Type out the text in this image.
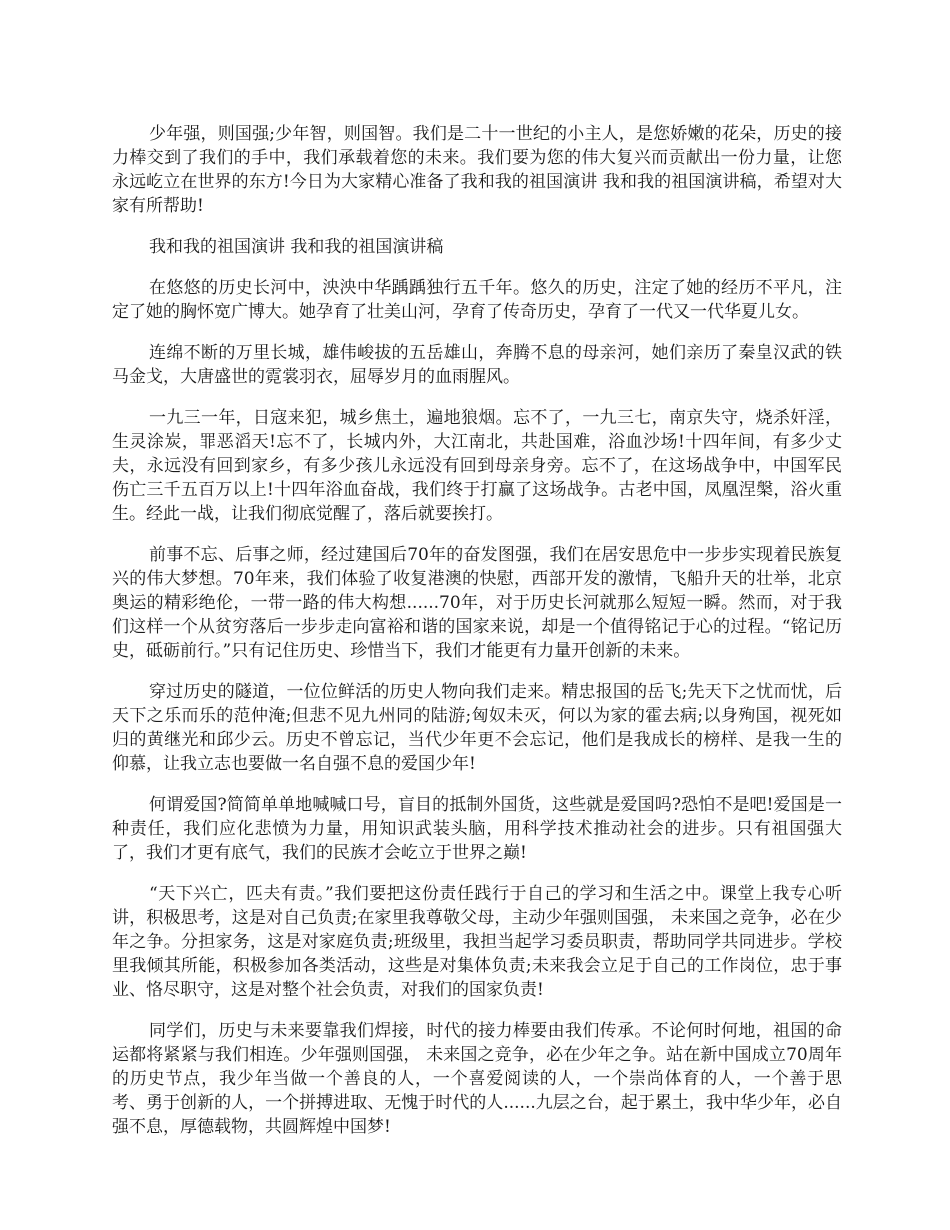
少年强，则国强;少年智，则国智。我们是二十一世纪的小主人，是您娇嫩的花朵，历史的接力棒交到了我们的手中，我们承载着您的未来。我们要为您的伟大复兴而贡献出一份力量，让您永远屹立在世界的东方!今日为大家精心准备了我和我的祖国演讲 我和我的祖国演讲稿，希望对大家有所帮助!

我和我的祖国演讲 我和我的祖国演讲稿

在悠悠的历史长河中，泱泱中华踽踽独行五千年。悠久的历史，注定了她的经历不平凡，注定了她的胸怀宽广博大。她孕育了壮美山河，孕育了传奇历史，孕育了一代又一代华夏儿女。

连绵不断的万里长城，雄伟峻拔的五岳雄山，奔腾不息的母亲河，她们亲历了秦皇汉武的铁马金戈，大唐盛世的霓裳羽衣，屈辱岁月的血雨腥风。

一九三一年，日寇来犯，城乡焦土，遍地狼烟。忘不了，一九三七，南京失守，烧杀奸淫，生灵涂炭，罪恶滔天!忘不了，长城内外，大江南北，共赴国难，浴血沙场!十四年间，有多少丈夫，永远没有回到家乡，有多少孩儿永远没有回到母亲身旁。忘不了，在这场战争中，中国军民伤亡三千五百万以上!十四年浴血奋战，我们终于打赢了这场战争。古老中国，凤凰涅槃，浴火重生。经此一战，让我们彻底觉醒了，落后就要挨打。

前事不忘、后事之师，经过建国后70年的奋发图强，我们在居安思危中一步步实现着民族复兴的伟大梦想。70年来，我们体验了收复港澳的快慰，西部开发的激情，飞船升天的壮举，北京奥运的精彩绝伦，一带一路的伟大构想......70年，对于历史长河就那么短短一瞬。然而，对于我们这样一个从贫穷落后一步步走向富裕和谐的国家来说，却是一个值得铭记于心的过程。“铭记历史，砥砺前行。”只有记住历史、珍惜当下，我们才能更有力量开创新的未来。

穿过历史的隧道，一位位鲜活的历史人物向我们走来。精忠报国的岳飞;先天下之忧而忧，后天下之乐而乐的范仲淹;但悲不见九州同的陆游;匈奴未灭，何以为家的霍去病;以身殉国，视死如归的黄继光和邱少云。历史不曾忘记，当代少年更不会忘记，他们是我成长的榜样、是我一生的仰慕，让我立志也要做一名自强不息的爱国少年!

何谓爱国?简简单单地喊喊口号，盲目的抵制外国货，这些就是爱国吗?恐怕不是吧!爱国是一种责任，我们应化悲愤为力量，用知识武装头脑，用科学技术推动社会的进步。只有祖国强大了，我们才更有底气，我们的民族才会屹立于世界之巅!

“天下兴亡，匹夫有责。”我们要把这份责任践行于自己的学习和生活之中。课堂上我专心听讲，积极思考，这是对自己负责;在家里我尊敬父母，主动少年强则国强， 未来国之竞争，必在少年之争。分担家务，这是对家庭负责;班级里，我担当起学习委员职责，帮助同学共同进步。学校里我倾其所能，积极参加各类活动，这些是对集体负责;未来我会立足于自己的工作岗位，忠于事业、恪尽职守，这是对整个社会负责，对我们的国家负责!

同学们，历史与未来要靠我们焊接，时代的接力棒要由我们传承。不论何时何地，祖国的命运都将紧紧与我们相连。少年强则国强， 未来国之竞争，必在少年之争。站在新中国成立70周年的历史节点，我少年当做一个善良的人，一个喜爱阅读的人，一个崇尚体育的人，一个善于思考、勇于创新的人，一个拼搏进取、无愧于时代的人......九层之台，起于累土，我中华少年，必自强不息，厚德载物，共圆辉煌中国梦!
